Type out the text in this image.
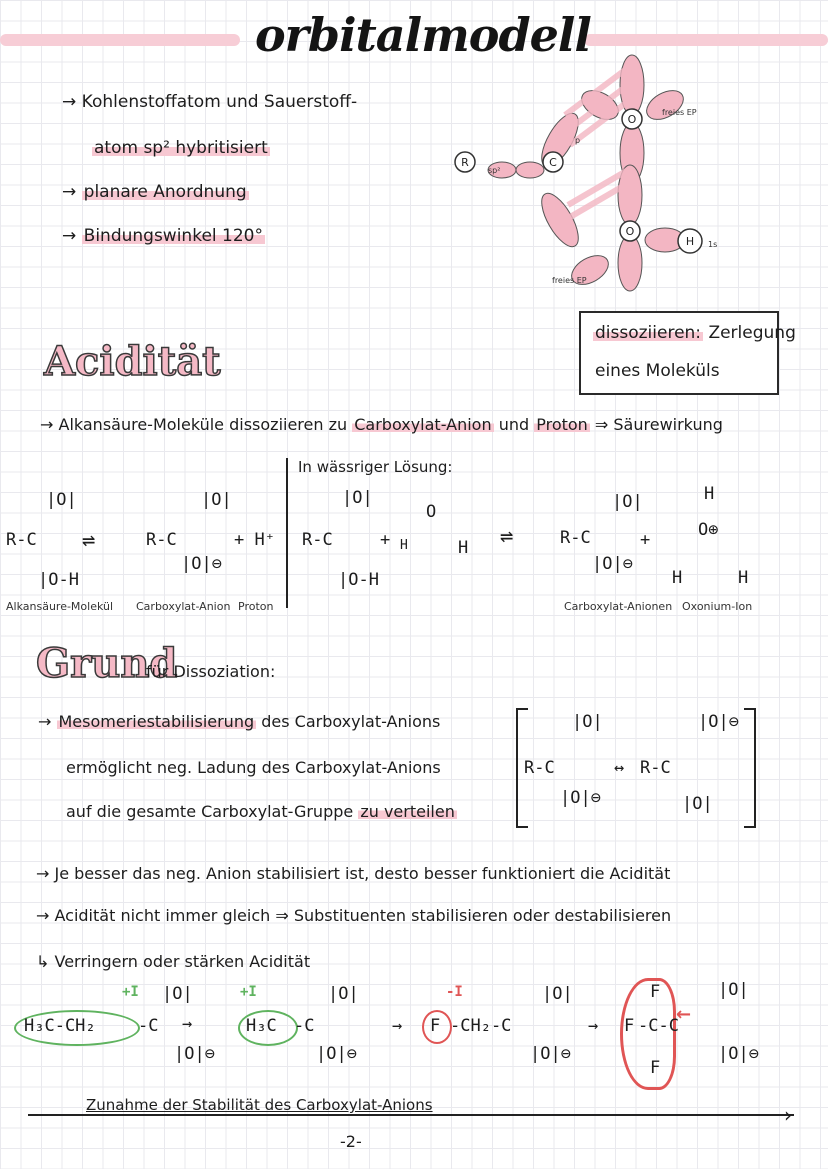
orbitalmodell
→ Kohlenstoffatom und Sauerstoff-
atom sp² hybritisiert
→ planare Anordnung
→ Bindungswinkel 120°
R	C
O
O
H
freies EP
freies EP
1s
sp²
p
Acidität
dissoziieren: Zerlegung
eines Moleküls
→ Alkansäure-Moleküle dissoziieren zu Carboxylat-Anion und Proton ⇒ Säurewirkung
|O|
R-C
|O-H
⇌
|O|
R-C
|O|⊖
+ H⁺
Alkansäure-Molekül Carboxylat-Anion Proton
In wässriger Lösung:
|O|
R-C
|O-H
+
O
H	H ⇌
|O|
R-C
|O|⊖
+
H
O⊕
H	H
Carboxylat-Anionen Oxonium-Ion
Grund
für Dissoziation:
→ Mesomeriestabilisierung des Carboxylat-Anions
ermöglicht neg. Ladung des Carboxylat-Anions
auf die gesamte Carboxylat-Gruppe zu verteilen
|O|
R-C
|O|⊖
↔
|O|⊖
R-C
|O|
→ Je besser das neg. Anion stabilisiert ist, desto besser funktioniert die Acidität
→ Acidität nicht immer gleich ⇒ Substituenten stabilisieren oder destabilisieren
↳ Verringern oder stärken Acidität
+I |O|
H₃C-CH₂ -C →
|O|⊖
+I	|O|
H₃C -C
|O|⊖
→
-I	|O|
F -CH₂-C
|O|⊖
→
F
F -C-C
F
|O|
|O|⊖
←
›
Zunahme der Stabilität des Carboxylat-Anions
-2-
